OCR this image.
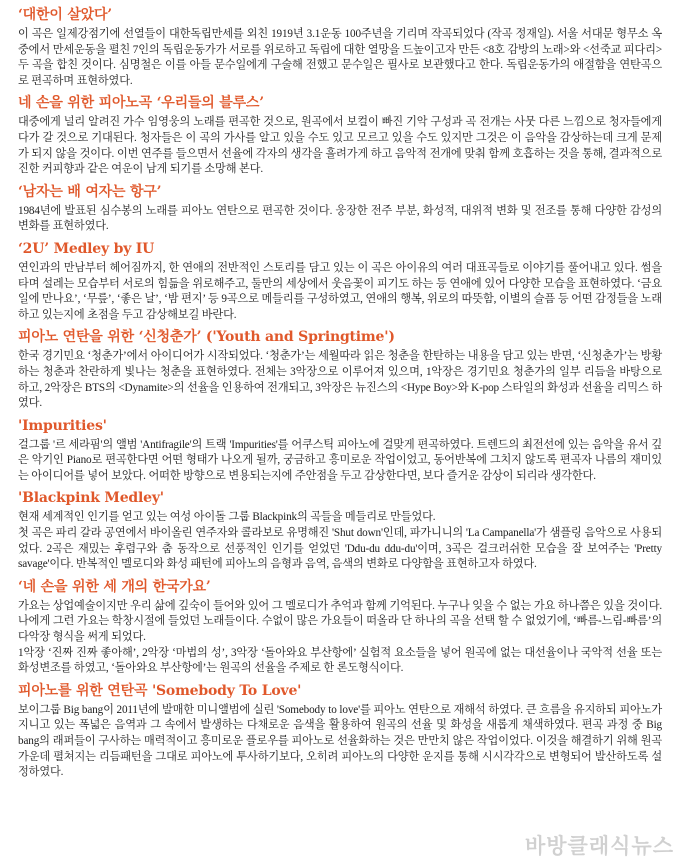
‘대한이 살았다’

이 곡은 일제강점기에 선열들이 대한독립만세를 외친 1919년 3.1운동 100주년을 기리며 작곡되었다 (작곡 정재일). 서울 서대문 형무소 옥중에서 만세운동을 펼친 7인의 독립운동가가 서로를 위로하고 독립에 대한 열망을 드높이고자 만든 <8호 감방의 노래>와 <선죽교 피다리> 두 곡을 합친 것이다. 심명철은 이를 아들 문수일에게 구술해 전했고 문수일은 필사로 보관했다고 한다. 독립운동가의 애절함을 연탄곡으로 편곡하며 표현하였다.

네 손을 위한 피아노곡 ‘우리들의 블루스’

대중에게 널리 알려진 가수 임영웅의 노래를 편곡한 것으로, 원곡에서 보컬이 빠진 기악 구성과 곡 전개는 사뭇 다른 느낌으로 청자들에게 다가 갈 것으로 기대된다. 청자들은 이 곡의 가사를 알고 있을 수도 있고 모르고 있을 수도 있지만 그것은 이 음악을 감상하는데 크게 문제가 되지 않을 것이다. 이번 연주를 들으면서 선율에 각자의 생각을 흘려가게 하고 음악적 전개에 맞춰 함께 호흡하는 것을 통해, 결과적으로 진한 커피향과 같은 여운이 남게 되기를 소망해 본다.

‘남자는 배 여자는 항구’

1984년에 발표된 심수봉의 노래를 피아노 연탄으로 편곡한 것이다. 웅장한 전주 부분, 화성적, 대위적 변화 및 전조를 통해 다양한 감성의 변화를 표현하였다.

‘2U’ Medley by IU

연인과의 만남부터 헤어짐까지, 한 연애의 전반적인 스토리를 담고 있는 이 곡은 아이유의 여러 대표곡들로 이야기를 풀어내고 있다. 썸을 타며 설레는 모습부터 서로의 힘듦을 위로해주고, 둘만의 세상에서 웃음꽃이 피기도 하는 등 연애에 있어 다양한 모습을 표현하였다. ‘금요일에 만나요’, ‘무릎’, ‘좋은 날’, ‘밤 편지’ 등 9곡으로 메들리를 구성하였고, 연애의 행복, 위로의 따뜻함, 이별의 슬픔 등 어떤 감정들을 노래하고 있는지에 초점을 두고 감상해보길 바란다.

피아노 연탄을 위한 ‘신청춘가’ ('Youth and Springtime')

한국 경기민요 ‘청춘가’에서 아이디어가 시작되었다. ‘청춘가’는 세월따라 읽은 청춘을 한탄하는 내용을 담고 있는 반면, ‘신청춘가’는 방황하는 청춘과 찬란하게 빛나는 청춘을 표현하였다. 전체는 3악장으로 이루어져 있으며, 1악장은 경기민요 청춘가의 일부 리듬을 바탕으로 하고, 2악장은 BTS의 <Dynamite>의 선율을 인용하여 전개되고, 3악장은 뉴진스의 <Hype Boy>와 K-pop 스타일의 화성과 선율을 리믹스 하였다.

'Impurities'

걸그룹 '르 세라핌'의 앨범 'Antifragile'의 트랙 'Impurities'를 어쿠스틱 피아노에 걸맞게 편곡하였다. 트렌드의 최전선에 있는 음악을 유서 깊은 악기인 Piano로 편곡한다면 어떤 형태가 나오게 될까, 궁금하고 흥미로운 작업이었고, 동어반복에 그치지 않도록 편곡자 나름의 재미있는 아이디어를 넣어 보았다. 어떠한 방향으로 변용되는지에 주안점을 두고 감상한다면, 보다 즐거운 감상이 되리라 생각한다.

'Blackpink Medley'

현재 세계적인 인기를 얻고 있는 여성 아이돌 그룹 Blackpink의 곡들을 메들리로 만들었다.

첫 곡은 파리 갈라 공연에서 바이올린 연주자와 콜라보로 유명해진 'Shut down'인데, 파가니니의 'La Campanella'가 샘플링 음악으로 사용되었다. 2곡은 재밌는 후렴구와 춤 동작으로 선풍적인 인기를 얻었던 'Ddu-du ddu-du'이며, 3곡은 걸크러쉬한 모습을 잘 보여주는 'Pretty savage'이다. 반복적인 멜로디와 화성 패턴에 피아노의 음형과 음역, 음색의 변화로 다양함을 표현하고자 하였다.

‘네 손을 위한 세 개의 한국가요’

가요는 상업예술이지만 우리 삶에 깊숙이 들어와 있어 그 멜로디가 추억과 함께 기억된다. 누구나 잊을 수 없는 가요 하나쯤은 있을 것이다. 나에게 그런 가요는 학창시절에 들었던 노래들이다. 수없이 많은 가요들이 떠올라 단 하나의 곡을 선택 할 수 없었기에, ‘빠름-느림-빠름’의 다악장 형식을 써게 되었다.

1악장 ‘진짜 진짜 좋아해’, 2악장 ‘마법의 성’, 3악장 ‘돌아와요 부산항에’ 실험적 요소들을 넣어 원곡에 없는 대선율이나 국악적 선율 또는 화성변조를 하였고, ‘돌아와요 부산항에’는 원곡의 선율을 주제로 한 론도형식이다.

피아노를 위한 연탄곡 'Somebody To Love'

보이그룹 Big bang이 2011년에 발매한 미니앨범에 실린 'Somebody to love'를 피아노 연탄으로 재해석 하였다. 큰 흐름을 유지하되 피아노가 지니고 있는 폭넓은 음역과 그 속에서 발생하는 다채로운 음색을 활용하여 원곡의 선율 및 화성을 새롭게 채색하였다. 편곡 과정 중 Big bang의 래퍼들이 구사하는 매력적이고 흥미로운 플로우를 피아노로 선율화하는 것은 만만치 않은 작업이었다. 이것을 해결하기 위해 원곡 가운데 펼쳐지는 리듬패턴을 그대로 피아노에 투사하기보다, 오히려 피아노의 다양한 운지를 통해 시시각각으로 변형되어 발산하도록 설정하였다.

바방클래식뉴스
